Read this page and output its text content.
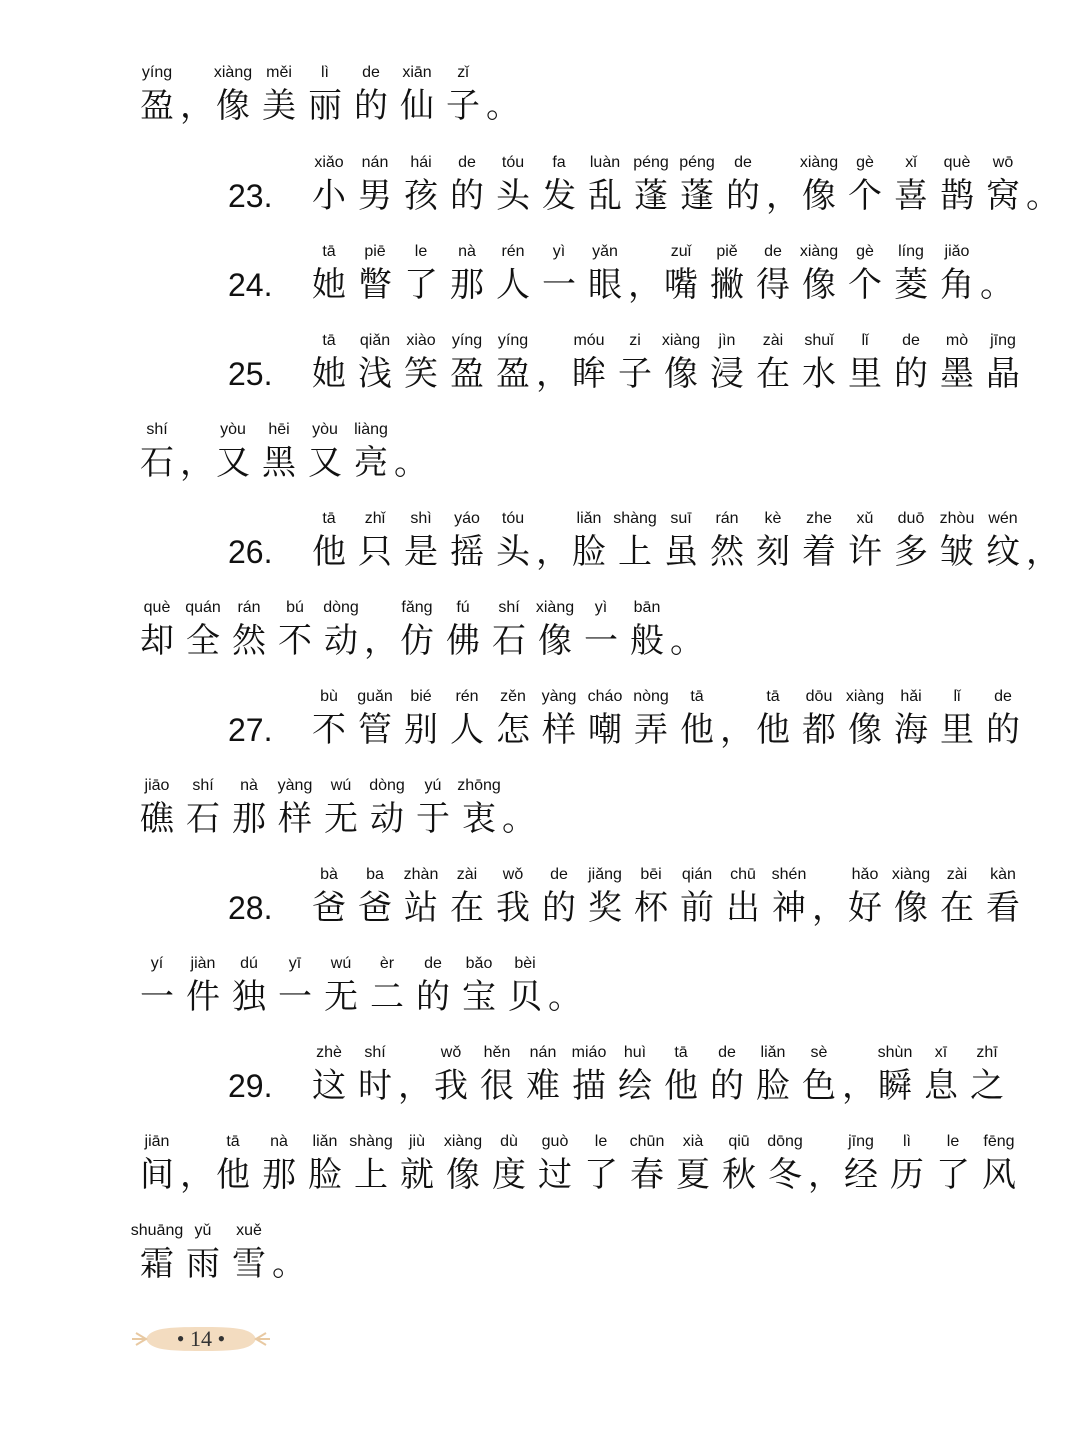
yíng
盈 ，
xiàng
像
měi
美
lì
丽
de
的
xiān
仙
zǐ
子 。
23.
xiǎo
小
nán
男
hái
孩
de
的
tóu
头
fa
发
luàn
乱
péng
蓬
péng
蓬
de
的 ，
xiàng
像
gè
个
xǐ
喜
què
鹊
wō
窝 。
24.
tā
她
piē
瞥
le
了
nà
那
rén
人
yì
一
yǎn
眼 ，
zuǐ
嘴
piě
撇
de
得
xiàng
像
gè
个
líng
菱
jiǎo
角 。
25.
tā
她
qiǎn
浅
xiào
笑
yíng
盈
yíng
盈 ，
móu
眸
zi
子
xiàng
像
jìn
浸
zài
在
shuǐ
水
lǐ
里
de
的
mò
墨
jīng
晶
shí
石 ，
yòu
又
hēi
黑
yòu
又
liàng
亮 。
26.
tā
他
zhǐ
只
shì
是
yáo
摇
tóu
头 ，
liǎn
脸
shàng
上
suī
虽
rán
然
kè
刻
zhe
着
xǔ
许
duō
多
zhòu
皱
wén
纹 ，
què
却
quán
全
rán
然
bú
不
dòng
动 ，
fǎng
仿
fú
佛
shí
石
xiàng
像
yì
一
bān
般 。
27.
bù
不
guǎn
管
bié
别
rén
人
zěn
怎
yàng
样
cháo
嘲
nòng
弄
tā
他 ，
tā
他
dōu
都
xiàng
像
hǎi
海
lǐ
里
de
的
jiāo
礁
shí
石
nà
那
yàng
样
wú
无
dòng
动
yú
于
zhōng
衷 。
28.
bà
爸
ba
爸
zhàn
站
zài
在
wǒ
我
de
的
jiǎng
奖
bēi
杯
qián
前
chū
出
shén
神 ，
hǎo
好
xiàng
像
zài
在
kàn
看
yí
一
jiàn
件
dú
独
yī
一
wú
无
èr
二
de
的
bǎo
宝
bèi
贝 。
29.
zhè
这
shí
时 ，
wǒ
我
hěn
很
nán
难
miáo
描
huì
绘
tā
他
de
的
liǎn
脸
sè
色 ，
shùn
瞬
xī
息
zhī
之
jiān
间 ，
tā
他
nà
那
liǎn
脸
shàng
上
jiù
就
xiàng
像
dù
度
guò
过
le
了
chūn
春
xià
夏
qiū
秋
dōng
冬 ，
jīng
经
lì
历
le
了
fēng
风
shuāng
霜
yǔ
雨
xuě
雪 。
• 14 •
